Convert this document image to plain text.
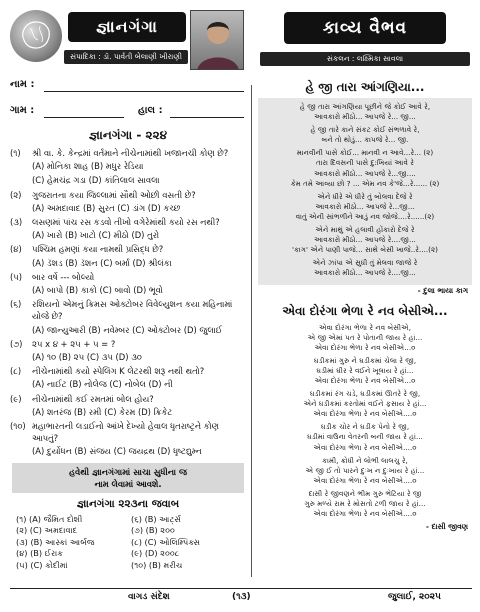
જ્ઞાનગંગા
સંપાદિકા : ડૉ. પાર્વતી બેલાણી ખીરાણી
નામ :
ગામ :	હાલ :
જ્ઞાનગંગા - ૨૨૪
(૧)	શ્રી વા. કે. કેન્દ્રમાં વર્તમાને નીચેનામાંથી ખજાનચી કોણ છે?
(A) મોનિકા શાહ (B) મધુર રેડિયા
(C) હેમચંદ્ર ગડા (D) કાંતિલાલ સાવલા
(૨)	ગુજરાતના કયા જિલ્લામાં સૌથી ઓછી વસતી છે?
(A) અમદાવાદ (B) સુરત (C) ડાંગ (D) કચ્છ
(૩)	લસણમાં પાંચ રસ કડવો તીખો વગેરેમાંથી કયો રસ નથી?
(A) ખારો (B) ખાટો (C) મીઠો (D) તુરો
(૪)	પશ્ચિમ હમણાં કયા નામથી પ્રસિદ્ધ છે?
(A) ડૅશડ (B) ડૅશન (C) બર્મા (D) શ્રીલંકા
(૫)	બાર વર્ષે --- બોલ્યો
(A) બાપો (B) કાકો (C) બાવો (D) ભૂવો
(૬)	રશિયનો એમનું ક્રિમસ ઓક્ટોબર વિવેલ્યુશન કયા મહિનામાં યોજે છે?
(A) જાન્યુઆરી (B) નવેમ્બર (C) ઓક્ટોબર (D) જુલાઈ
(૭)	૨૫ x ૪ + ૨૫ + ૫ = ?
(A) ૧૦ (B) ૨૫ (C) ૩૫ (D) ૩૦
(૮)	નીચેનામાંથી કયો સ્પેલિંગ K લેટરથી શરૂ નથી થતો?
(A) નાઈટ (B) નોલેજ (C) નોબેલ (D) ની
(૯)	નીચેનામાંથી કઈ રમતમાં બોલ હોય?
(A) શતરંજ (B) રમી (C) કેરમ (D) ક્રિકેટ
(૧૦) મહાભારતની લડાઈનો આંખે દેખ્યો હેવાલ ધૃતરાષ્ટ્રને કોણ આપતું?
(A) દુર્યોધન (B) સંજય (C) જયદ્રથ (D) ધૃષ્ટદ્યુમ્ન
હવેથી જ્ઞાનગંગામાં સાચા સુધીના જ
નામ લેવામાં આવશે.
જ્ઞાનગંગા ૨૨૩ના જવાબ
(૧) (A) જૈમિત દોશી	(૬) (B) આર્ટ્સ
(૨) (C) અમદાવાદ	(૭) (B) ૨૦૦
(૩) (B) આસ્કાં આર્બજ	(૮) (C) ઓલિમ્પિક્સ
(૪) (B) ઈરાક	(૯) (D) ૨૦૦૮
(૫) (C) કોદીમાં	(૧૦) (B) મરીચ
કાવ્ય વૈભવ
સંકલન : લક્ષ્મિકા સાવલા
હે જી તારા આંગણિયા...
હે જી તારા આંગણિયા પૂછીને જે કોઈ આવે રે,
આવકારો મીઠો... આપજે રે... જી...
હે જી તારે કાને સંકટ કોઈ સંભળાવે રે,
બને તો થોડું... કાપજે રે... જી.
માનવીની પાસે કોઈ... માનવી ન આવે...રે... (૨)
તારા દિવસની પાસે દુ:ખિયાં આવે રે
આવકારો મીઠો... આપજે રે...જી....
કેમ તમે આવ્યા છો ? ... એમ નવ કે'જે...રે...... (૨)
એને ધીરે એ ધીરે તું બોલવા દેજે રે
આવકારો મીઠો... આપજે રે...જી...
વાતું એની સાંભળીને આડું નવ જોજે....રે......(૨)
એને માથું એ હલાવી હોંકારો દેજે રે
આવકારો મીઠો... આપજે રે....જી...
'કાગ' એને પાણી પાજે... સાથે બેસી ખાજે..રે....(૨)
એને ઝાંપા એ સુધી તું મેલવા જાજે રે
આવકારો મીઠો... આપજે રે....જી...
- દુલા ભાયા કાગ
એવા દોરંગા ભેળા રે નવ બેસીએ...
એવા દોરંગા ભેળા રે નવ બેસીએ,
એ જી એમાં પત રે પોતાની જાય રે હાં...
એવા દોરંગા ભેળા રે નવ બેસીએ...૦
ઘડીકમાં ગુરુ ને ઘડીકમાં ચેલા રે જી,
ઘડીમાં ઘીર રે વઈને ખૂલાય રે હાં...
એવા દોરંગા ભેળા રે નવ બેસીએ...૦
ઘડીકમાં રંગ ચડે, ઘડીકમાં ઊતરે રે જી,
એને ઘડીકમાં કરતોમાં વઈને ફસાય રે હાં...
એવા દોરંગા ભેળા રે નવ બેસીએ....૦
ઘડીક ચોર ને ઘડીક પેનો રે જી,
ઘડીમાં વાઉના વેતરની બની જાય રે હાં...
એવા દોરંગા ભેળા રે નવ બેસીએ....૦
કામી, ક્રોધી ને લોભી લાલચુ રે,
એ જી ઈ તો પારને દુઃખ ન દુઃખાય રે હાં...
એવા દોરંગા ભેળા રે નવ બેસીએ....૦
દાસી રે જીવણને ભીમ ગુરુ ભેટિયા રે જી
ગુરુ મળ્યે રામ રે મોસતો ટળી જાય રે હાં...
એવા દોરંગા ભેળા રે નવ બેસીએ....૦
- દાસી જીવણ
વાગડ સંદેશ	(૧૩)	જુલાઈ, ૨૦૨૫
